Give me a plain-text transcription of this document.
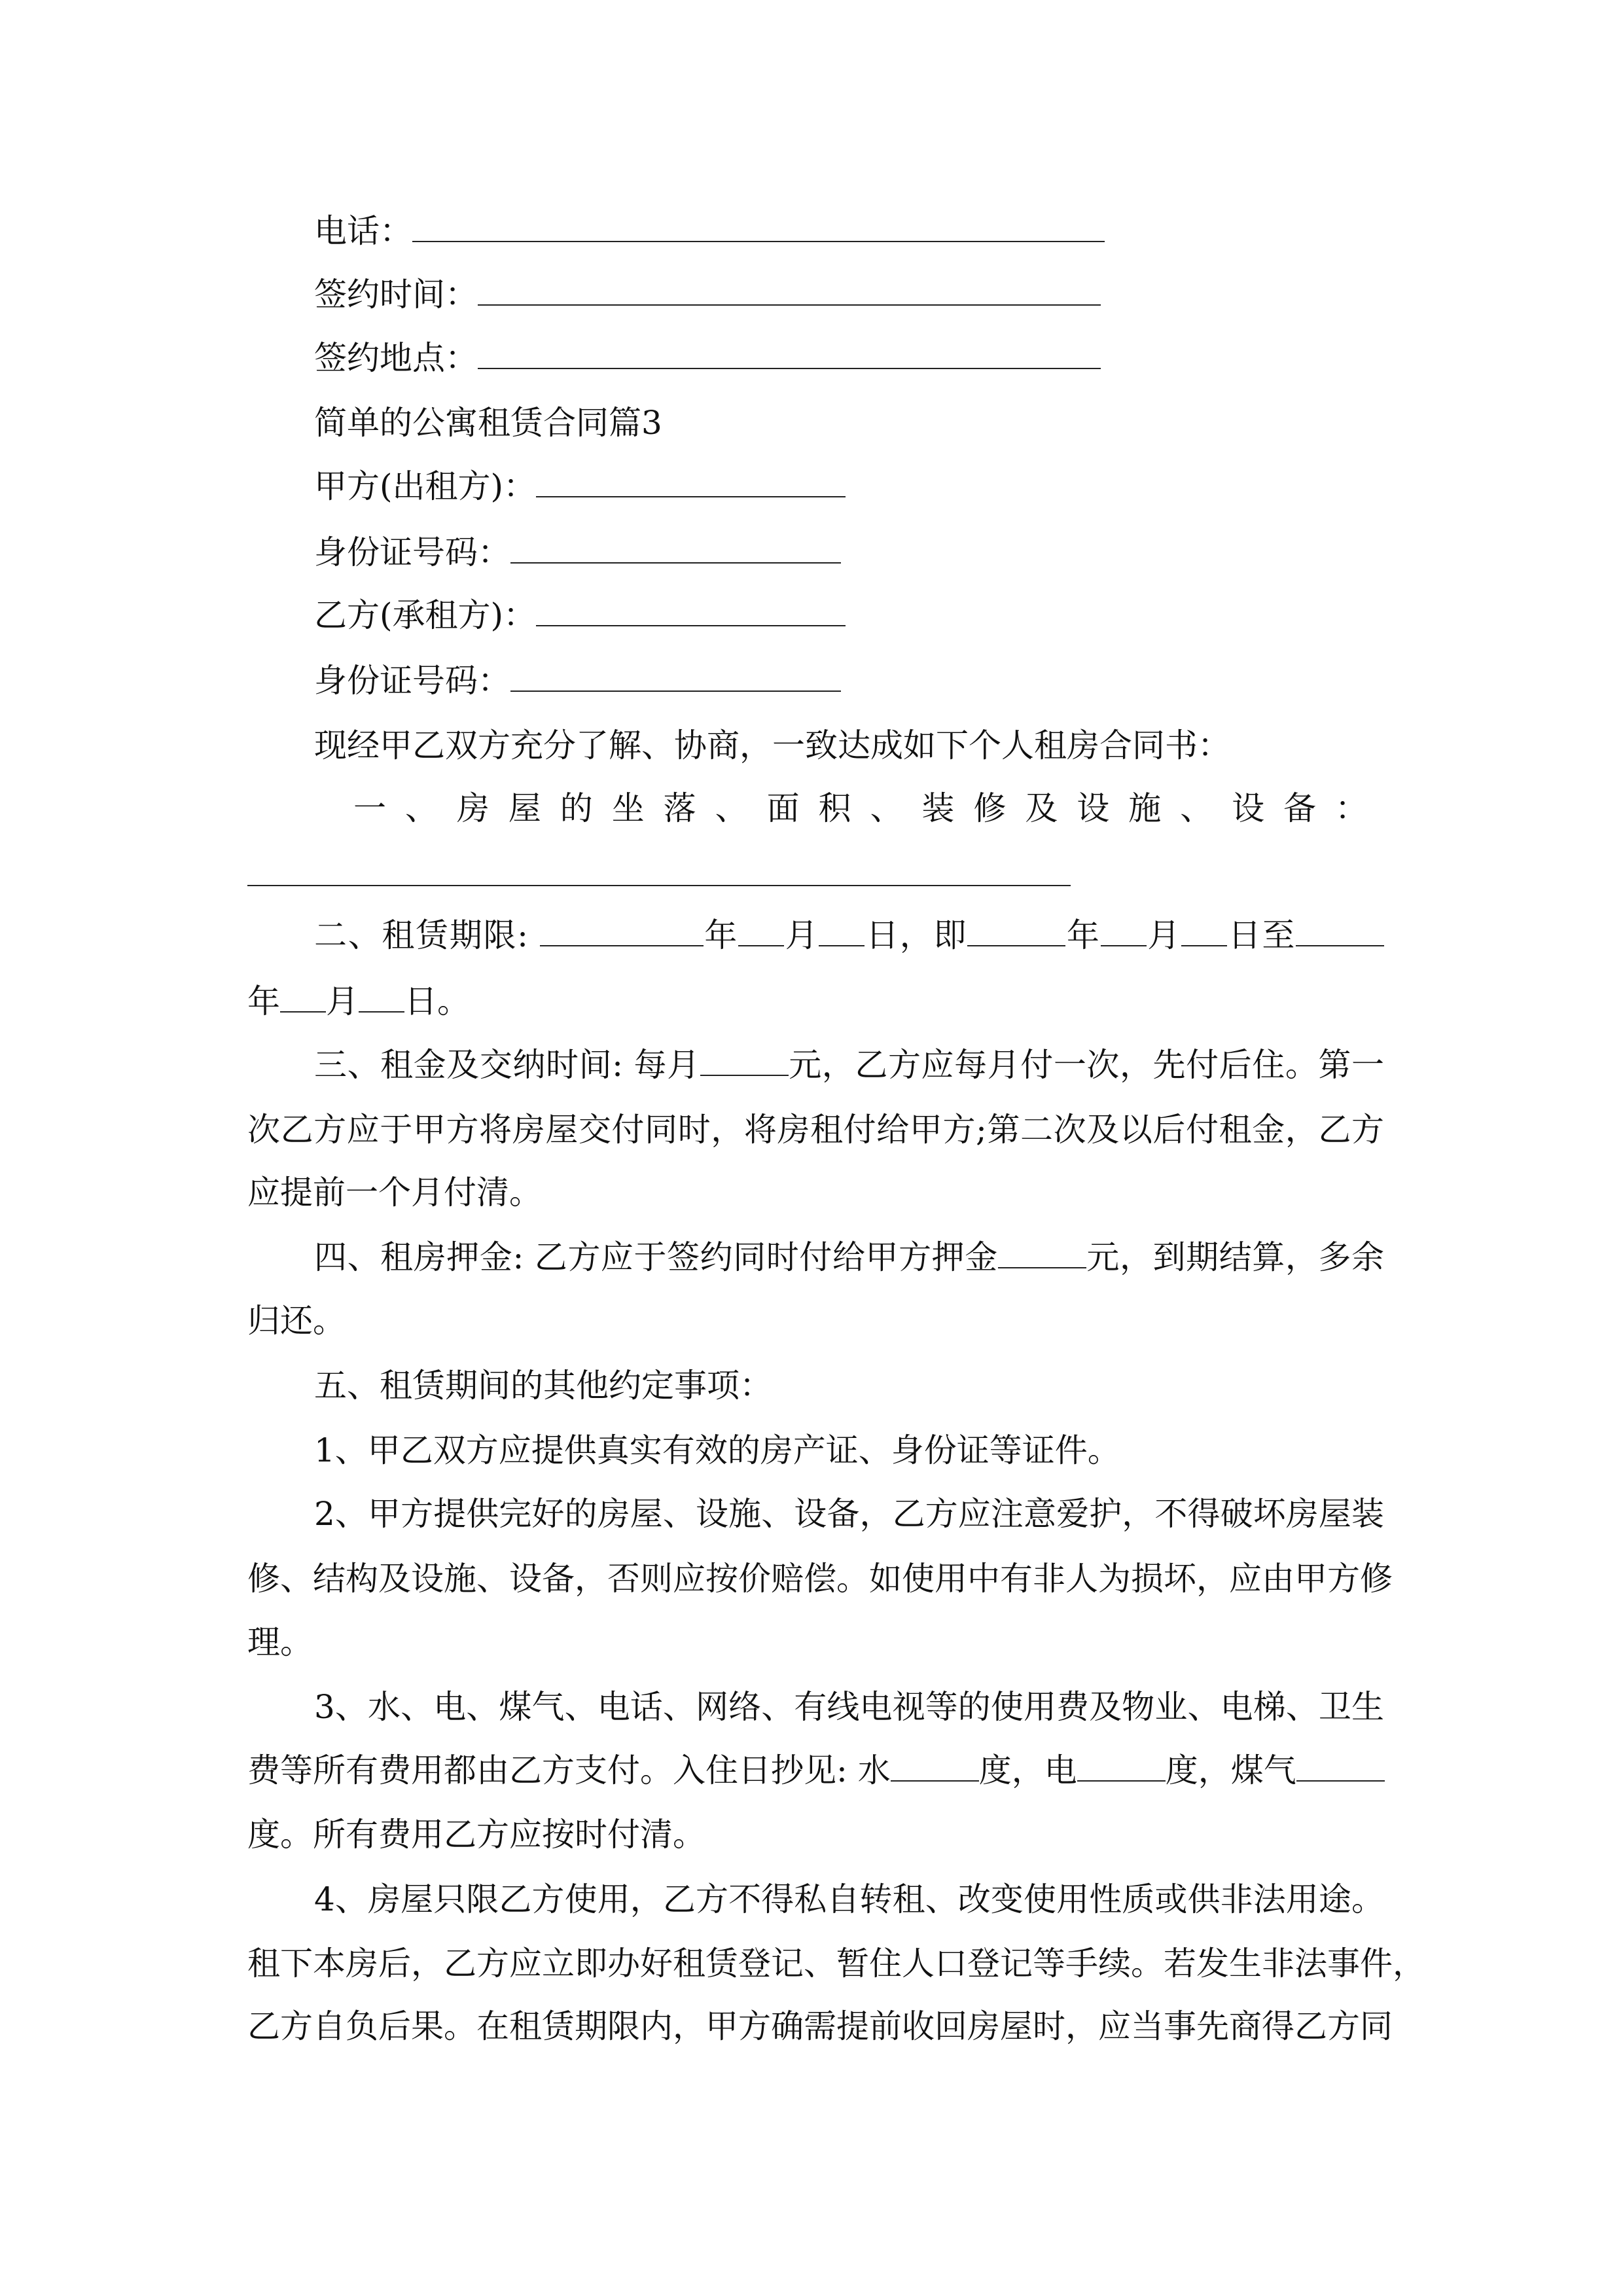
电话：
签约时间：
签约地点：
简单的公寓租赁合同篇3
甲方(出租方)：
身份证号码：
乙方(承租方)：
身份证号码：
现经甲乙双方充分了解、协商，一致达成如下个人租房合同书：
一、房屋的坐落、面积、装修及设施、设备：
二、租赁期限:	年 月 日，即	年 月 日至
年 月 日。
三、租金及交纳时间: 每月	元，乙方应每月付一次，先付后住。第一
次乙方应于甲方将房屋交付同时，将房租付给甲方;第二次及以后付租金，乙方
应提前一个月付清。
四、租房押金: 乙方应于签约同时付给甲方押金	元，到期结算，多余
归还。
五、租赁期间的其他约定事项：
1、甲乙双方应提供真实有效的房产证、身份证等证件。
2、甲方提供完好的房屋、设施、设备，乙方应注意爱护，不得破坏房屋装
修、结构及设施、设备，否则应按价赔偿。如使用中有非人为损坏，应由甲方修
理。
3、水、电、煤气、电话、网络、有线电视等的使用费及物业、电梯、卫生
费等所有费用都由乙方支付。入住日抄见: 水	度，电	度，煤气
度。所有费用乙方应按时付清。
4、房屋只限乙方使用，乙方不得私自转租、改变使用性质或供非法用途。
租下本房后，乙方应立即办好租赁登记、暂住人口登记等手续。若发生非法事件，
乙方自负后果。在租赁期限内，甲方确需提前收回房屋时，应当事先商得乙方同
